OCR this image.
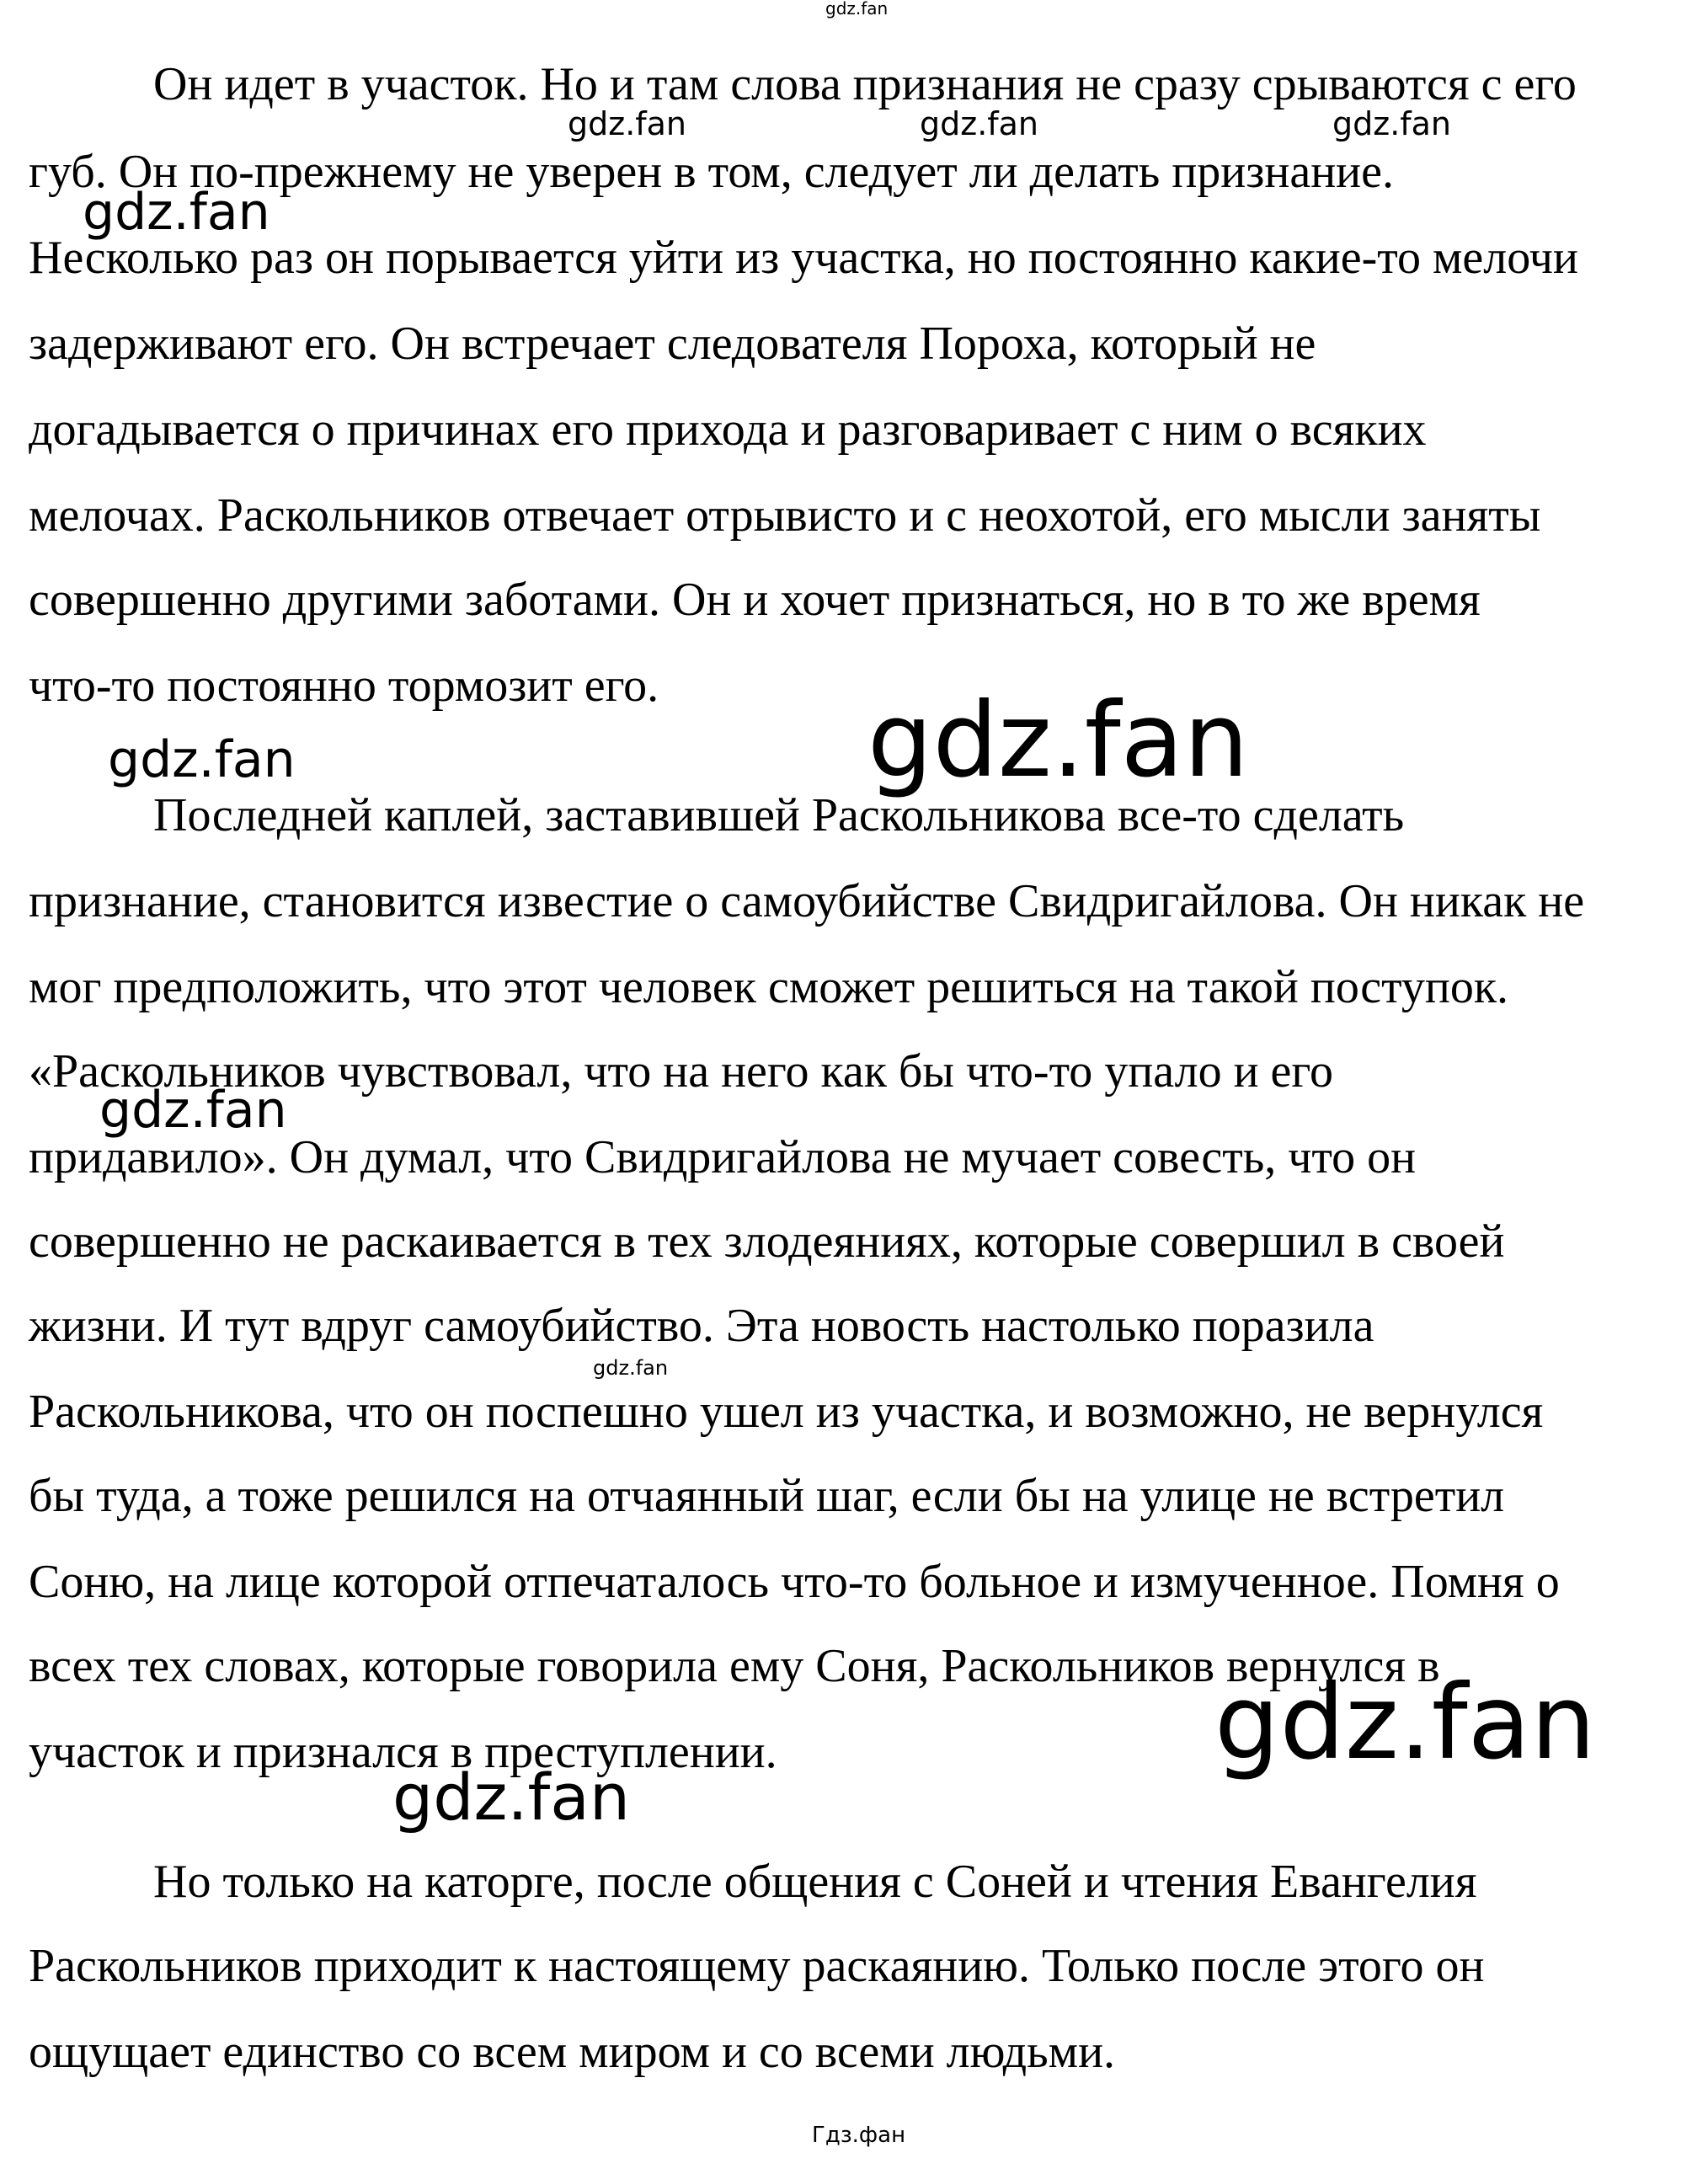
gdz.fan

Он идет в участок. Но и там слова признания не сразу срываются с его

губ. Он по-прежнему не уверен в том, следует ли делать признание.

Несколько раз он порывается уйти из участка, но постоянно какие-то мелочи

задерживают его. Он встречает следователя Пороха, который не

догадывается о причинах его прихода и разговаривает с ним о всяких

мелочах. Раскольников отвечает отрывисто и с неохотой, его мысли заняты

совершенно другими заботами. Он и хочет признаться, но в то же время

что-то постоянно тормозит его.

Последней каплей, заставившей Раскольникова все-то сделать

признание, становится известие о самоубийстве Свидригайлова. Он никак не

мог предположить, что этот человек сможет решиться на такой поступок.

«Раскольников чувствовал, что на него как бы что-то упало и его

придавило». Он думал, что Свидригайлова не мучает совесть, что он

совершенно не раскаивается в тех злодеяниях, которые совершил в своей

жизни. И тут вдруг самоубийство. Эта новость настолько поразила

Раскольникова, что он поспешно ушел из участка, и возможно, не вернулся

бы туда, а тоже решился на отчаянный шаг, если бы на улице не встретил

Соню, на лице которой отпечаталось что-то больное и измученное. Помня о

всех тех словах, которые говорила ему Соня, Раскольников вернулся в

участок и признался в преступлении.

Но только на каторге, после общения с Соней и чтения Евангелия

Раскольников приходит к настоящему раскаянию. Только после этого он

ощущает единство со всем миром и со всеми людьми.

gdz.fan	gdz.fan	gdz.fan
gdz.fan
gdz.fan
gdz.fan
gdz.fan
gdz.fan
gdz.fan
gdz.fan
Гдз.фан
